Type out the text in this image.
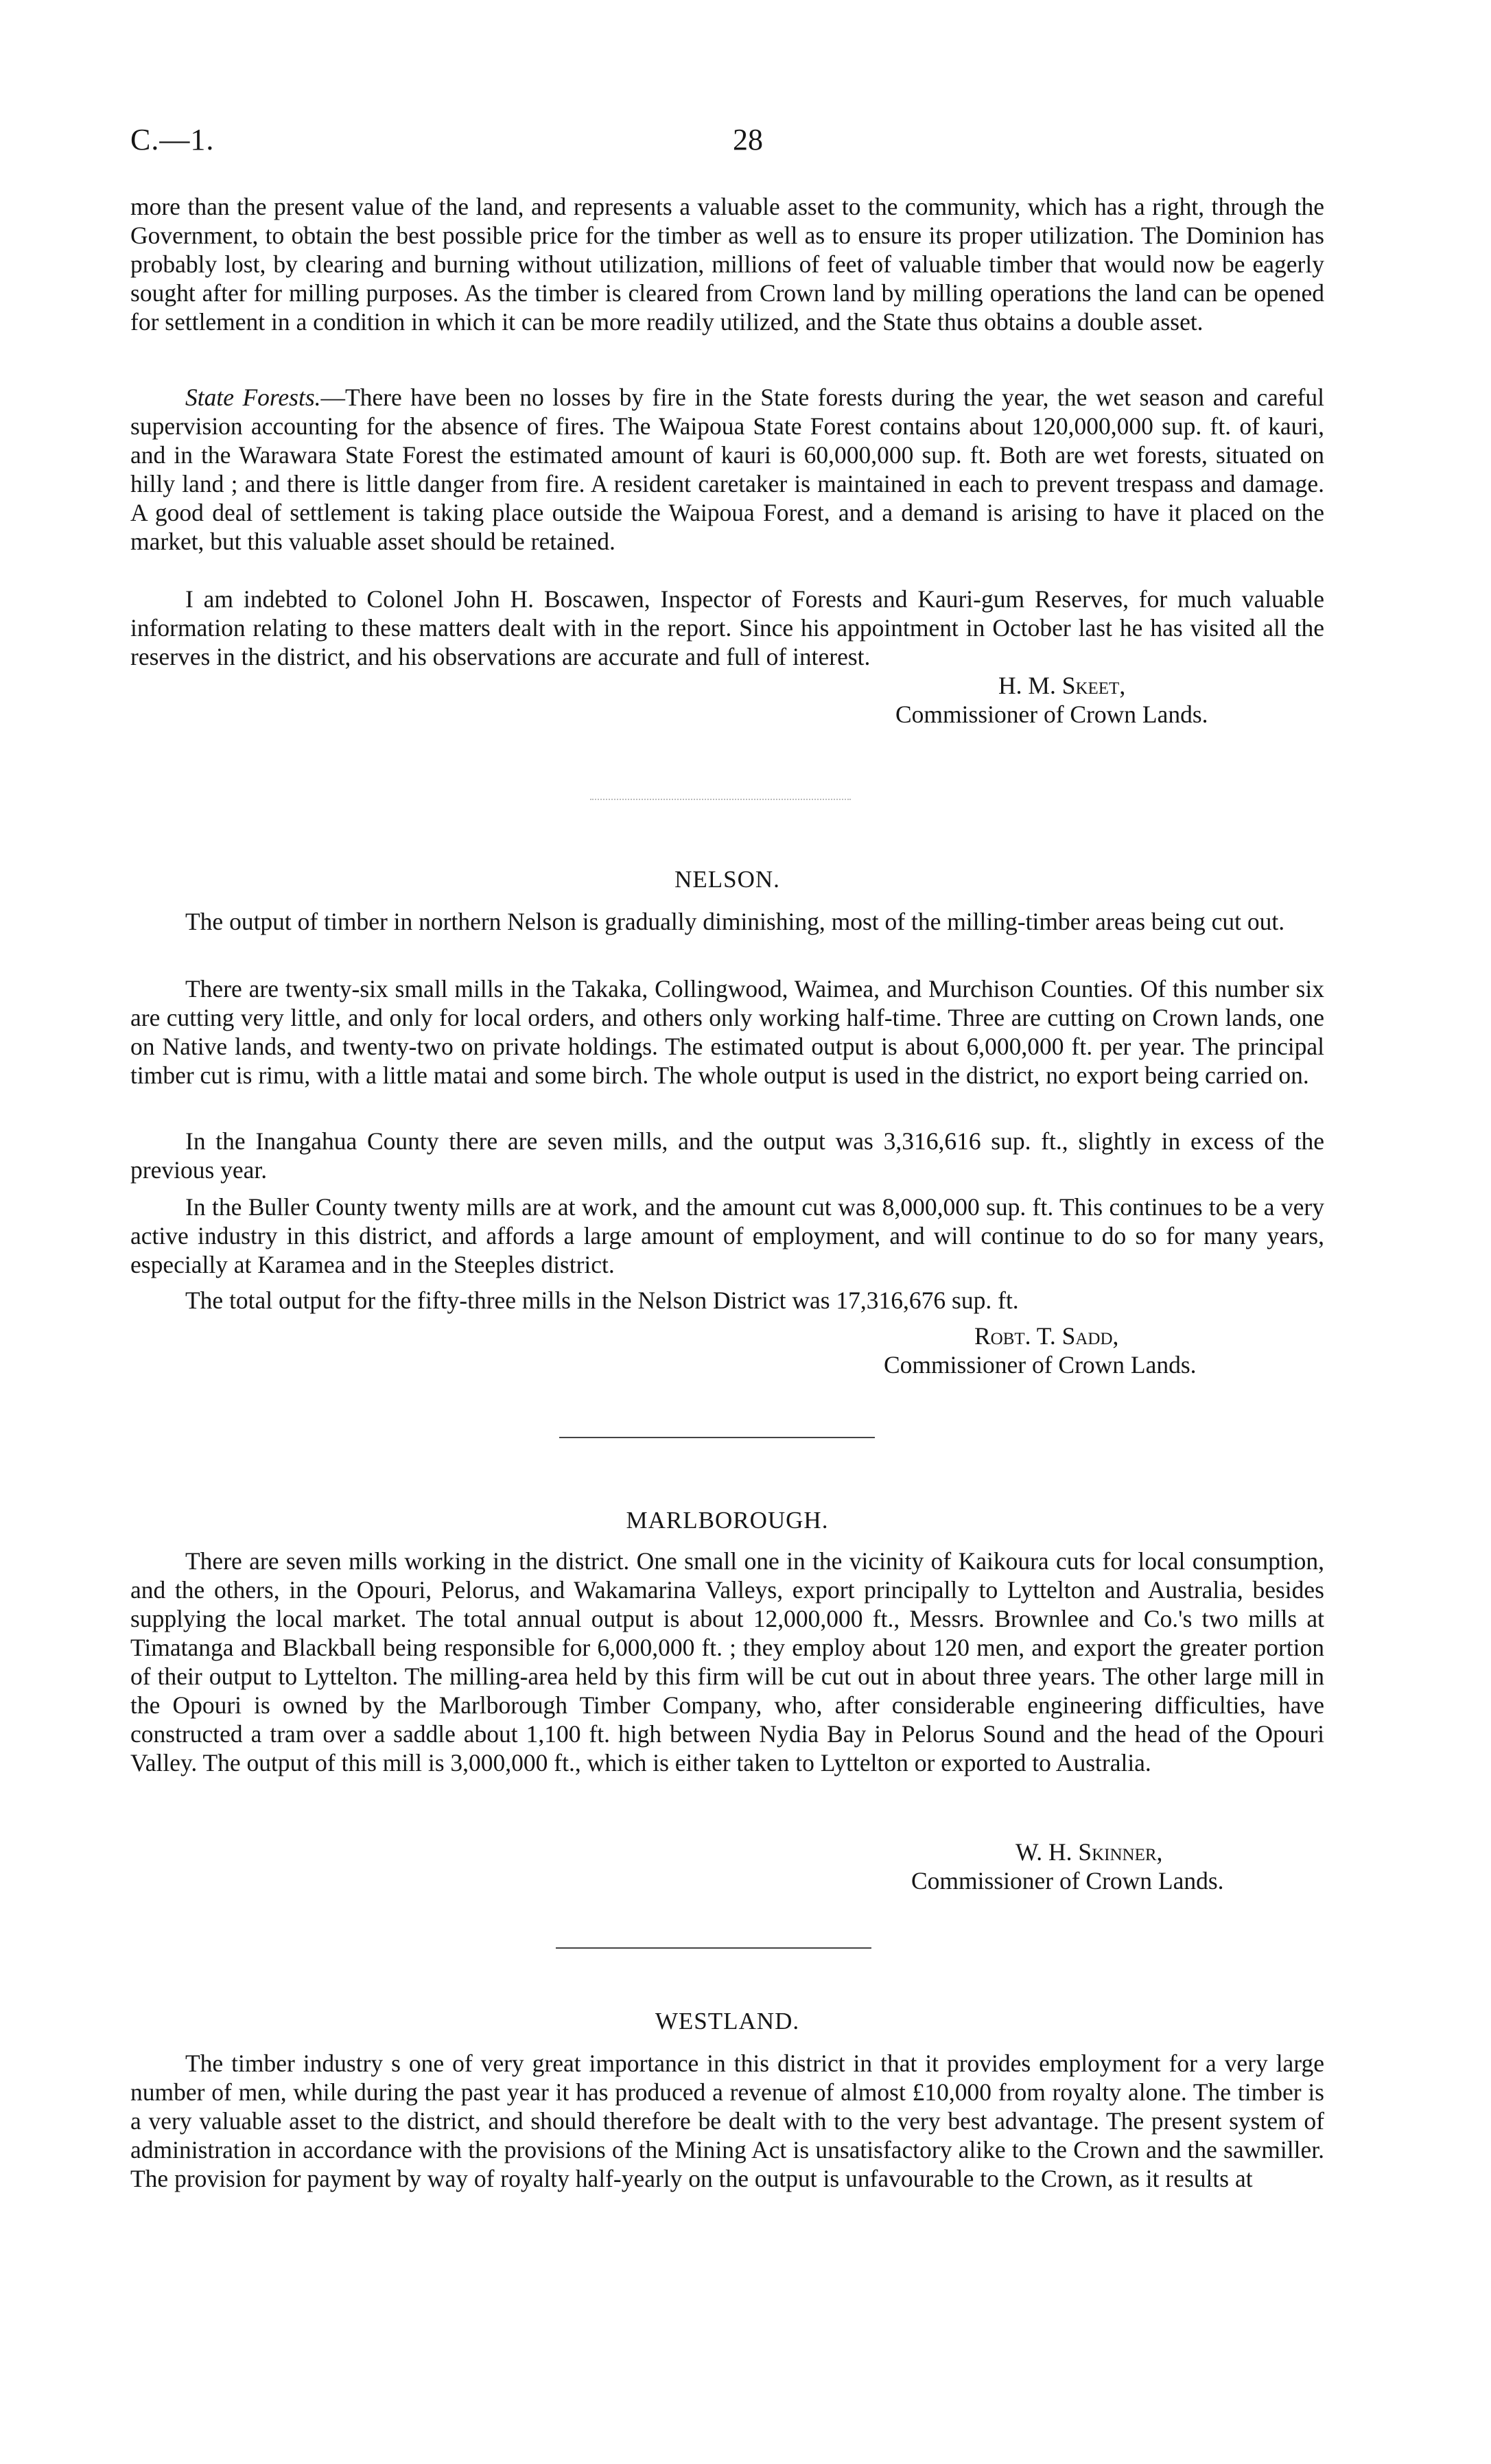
C.—1.	28

more than the present value of the land, and represents a valuable asset to the community, which has a right, through the Government, to obtain the best possible price for the timber as well as to ensure its proper utilization. The Dominion has probably lost, by clearing and burning without utilization, millions of feet of valuable timber that would now be eagerly sought after for milling purposes. As the timber is cleared from Crown land by milling operations the land can be opened for settlement in a condition in which it can be more readily utilized, and the State thus obtains a double asset.

State Forests.—There have been no losses by fire in the State forests during the year, the wet season and careful supervision accounting for the absence of fires. The Waipoua State Forest contains about 120,000,000 sup. ft. of kauri, and in the Warawara State Forest the estimated amount of kauri is 60,000,000 sup. ft. Both are wet forests, situated on hilly land ; and there is little danger from fire. A resident caretaker is maintained in each to prevent trespass and damage. A good deal of settlement is taking place outside the Waipoua Forest, and a demand is arising to have it placed on the market, but this valuable asset should be retained.

I am indebted to Colonel John H. Boscawen, Inspector of Forests and Kauri-gum Reserves, for much valuable information relating to these matters dealt with in the report. Since his appointment in October last he has visited all the reserves in the district, and his observations are accurate and full of interest.

H. M. Skeet,
Commissioner of Crown Lands.
NELSON.

The output of timber in northern Nelson is gradually diminishing, most of the milling-timber areas being cut out.

There are twenty-six small mills in the Takaka, Collingwood, Waimea, and Murchison Counties. Of this number six are cutting very little, and only for local orders, and others only working half-time. Three are cutting on Crown lands, one on Native lands, and twenty-two on private holdings. The estimated output is about 6,000,000 ft. per year. The principal timber cut is rimu, with a little matai and some birch. The whole output is used in the district, no export being carried on.

In the Inangahua County there are seven mills, and the output was 3,316,616 sup. ft., slightly in excess of the previous year.

In the Buller County twenty mills are at work, and the amount cut was 8,000,000 sup. ft. This continues to be a very active industry in this district, and affords a large amount of employment, and will continue to do so for many years, especially at Karamea and in the Steeples district.

The total output for the fifty-three mills in the Nelson District was 17,316,676 sup. ft.

Robt. T. Sadd,
Commissioner of Crown Lands.
MARLBOROUGH.

There are seven mills working in the district. One small one in the vicinity of Kaikoura cuts for local consumption, and the others, in the Opouri, Pelorus, and Wakamarina Valleys, export principally to Lyttelton and Australia, besides supplying the local market. The total annual output is about 12,000,000 ft., Messrs. Brownlee and Co.'s two mills at Timatanga and Blackball being responsible for 6,000,000 ft. ; they employ about 120 men, and export the greater portion of their output to Lyttelton. The milling-area held by this firm will be cut out in about three years. The other large mill in the Opouri is owned by the Marlborough Timber Company, who, after considerable engineering difficulties, have constructed a tram over a saddle about 1,100 ft. high between Nydia Bay in Pelorus Sound and the head of the Opouri Valley. The output of this mill is 3,000,000 ft., which is either taken to Lyttelton or exported to Australia.

W. H. Skinner,
Commissioner of Crown Lands.
WESTLAND.

The timber industry s one of very great importance in this district in that it provides employment for a very large number of men, while during the past year it has produced a revenue of almost £10,000 from royalty alone. The timber is a very valuable asset to the district, and should therefore be dealt with to the very best advantage. The present system of administration in accordance with the provisions of the Mining Act is unsatisfactory alike to the Crown and the sawmiller. The provision for payment by way of royalty half-yearly on the output is unfavourable to the Crown, as it results at
